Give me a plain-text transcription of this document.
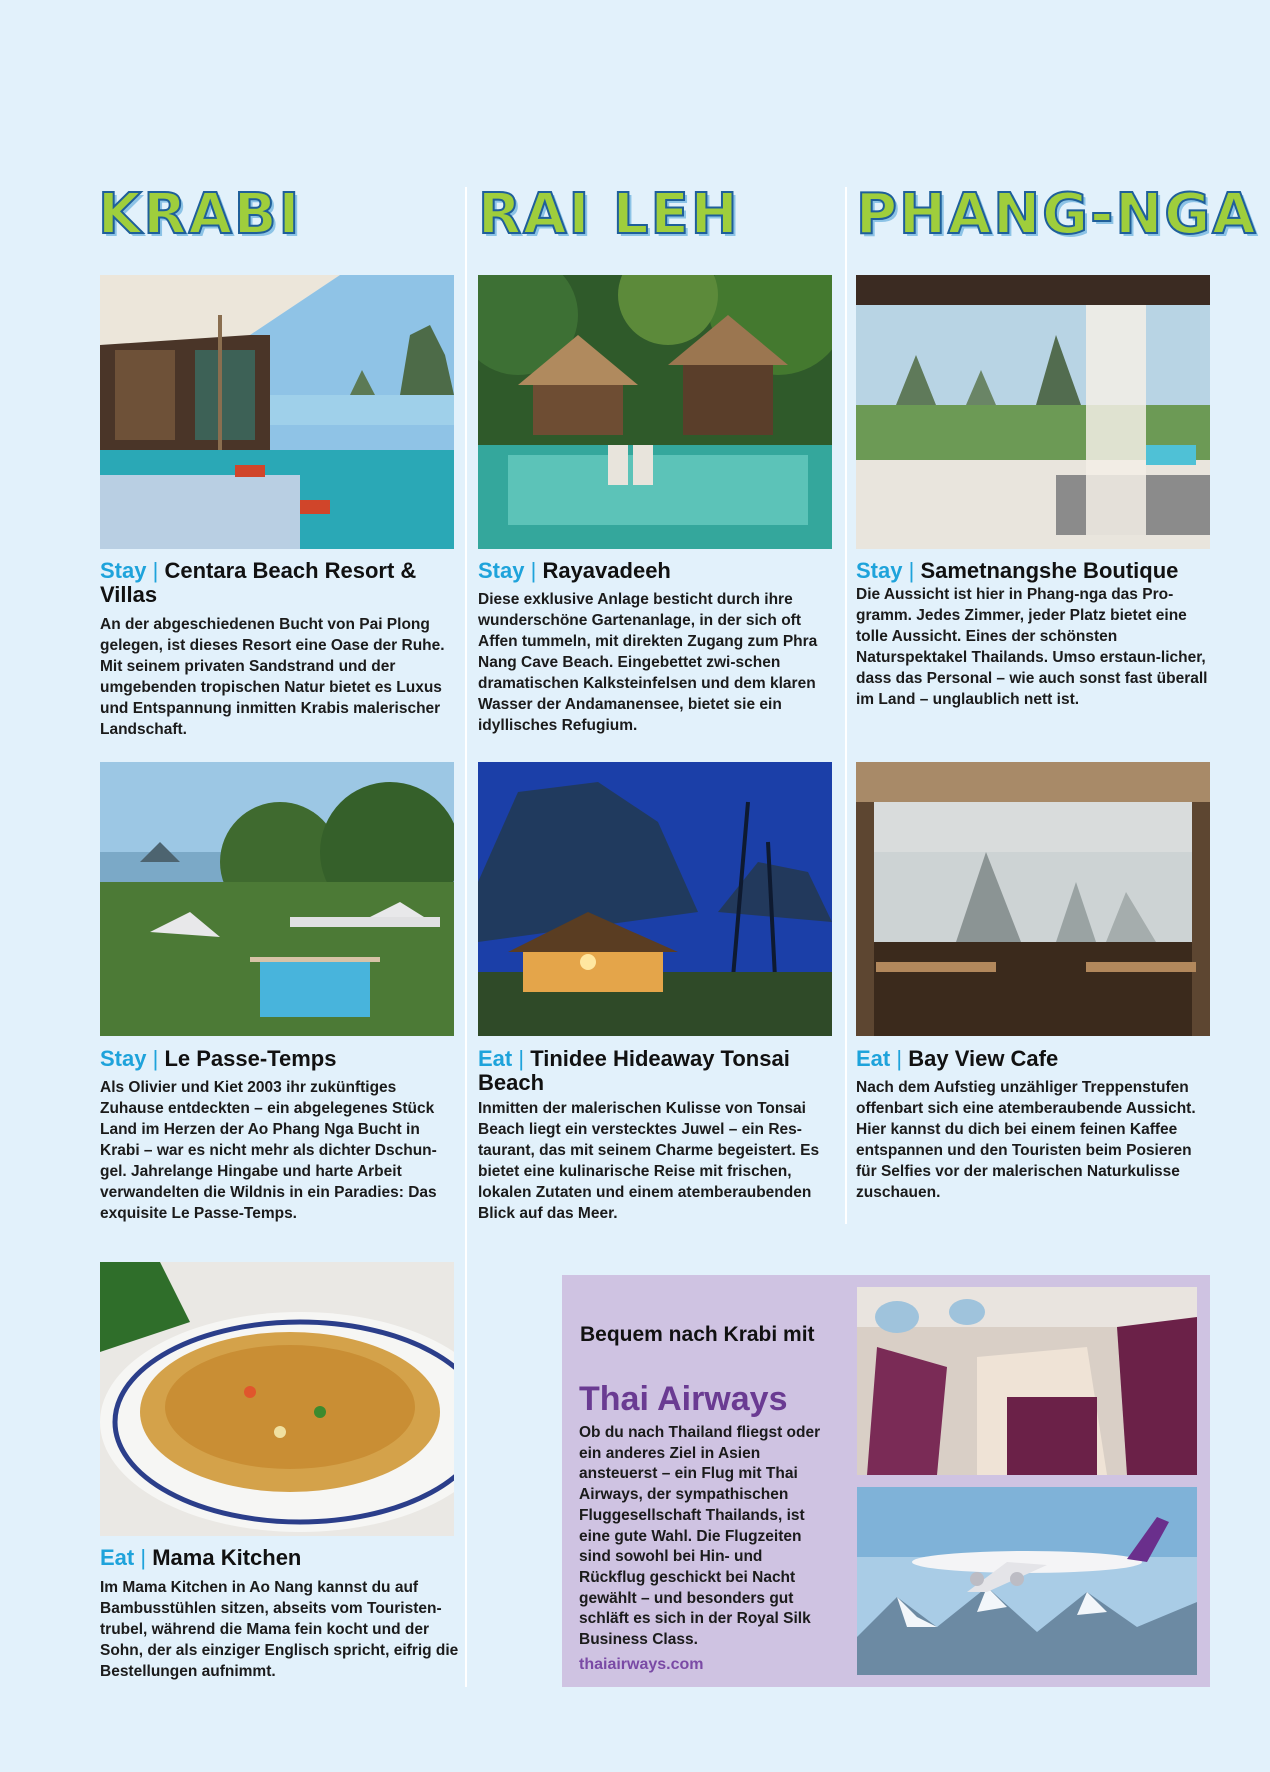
KRABI	RAI LEH PHANG-NGA
Stay | Centara Beach Resort & Villas
An der abgeschiedenen Bucht von Pai Plong gelegen, ist dieses Resort eine Oase der Ruhe. Mit seinem privaten Sandstrand und der umgebenden tropischen Natur bietet es Luxus und Entspannung inmitten Krabis malerischer Landschaft.
Stay | Rayavadeeh
Diese exklusive Anlage besticht durch ihre wunderschöne Gartenanlage, in der sich oft Affen tummeln, mit direkten Zugang zum Phra Nang Cave Beach. Eingebettet zwi-schen dramatischen Kalksteinfelsen und dem klaren Wasser der Andamanensee, bietet sie ein idyllisches Refugium.
Stay | Sametnangshe Boutique
Die Aussicht ist hier in Phang-nga das Pro-gramm. Jedes Zimmer, jeder Platz bietet eine tolle Aussicht. Eines der schönsten Naturspektakel Thailands. Umso erstaun-licher, dass das Personal – wie auch sonst fast überall im Land – unglaublich nett ist.
Stay | Le Passe-Temps
Als Olivier und Kiet 2003 ihr zukünftiges Zuhause entdeckten – ein abgelegenes Stück Land im Herzen der Ao Phang Nga Bucht in Krabi – war es nicht mehr als dichter Dschun-gel. Jahrelange Hingabe und harte Arbeit verwandelten die Wildnis in ein Paradies: Das exquisite Le Passe-Temps.
Eat | Tinidee Hideaway Tonsai Beach
Inmitten der malerischen Kulisse von Tonsai Beach liegt ein verstecktes Juwel – ein Res-taurant, das mit seinem Charme begeistert. Es bietet eine kulinarische Reise mit frischen, lokalen Zutaten und einem atemberaubenden Blick auf das Meer.
Eat | Bay View Cafe
Nach dem Aufstieg unzähliger Treppenstufen offenbart sich eine atemberaubende Aussicht. Hier kannst du dich bei einem feinen Kaffee entspannen und den Touristen beim Posieren für Selfies vor der malerischen Naturkulisse zuschauen.
Eat | Mama Kitchen
Im Mama Kitchen in Ao Nang kannst du auf Bambusstühlen sitzen, abseits vom Touristen-trubel, während die Mama fein kocht und der Sohn, der als einziger Englisch spricht, eifrig die Bestellungen aufnimmt.
Bequem nach Krabi mit
Thai Airways
Ob du nach Thailand fliegst oder ein anderes Ziel in Asien ansteuerst – ein Flug mit Thai Airways, der sympathischen Fluggesellschaft Thailands, ist eine gute Wahl. Die Flugzeiten sind sowohl bei Hin- und Rückflug geschickt bei Nacht gewählt – und besonders gut schläft es sich in der Royal Silk Business Class.
thaiairways.com
